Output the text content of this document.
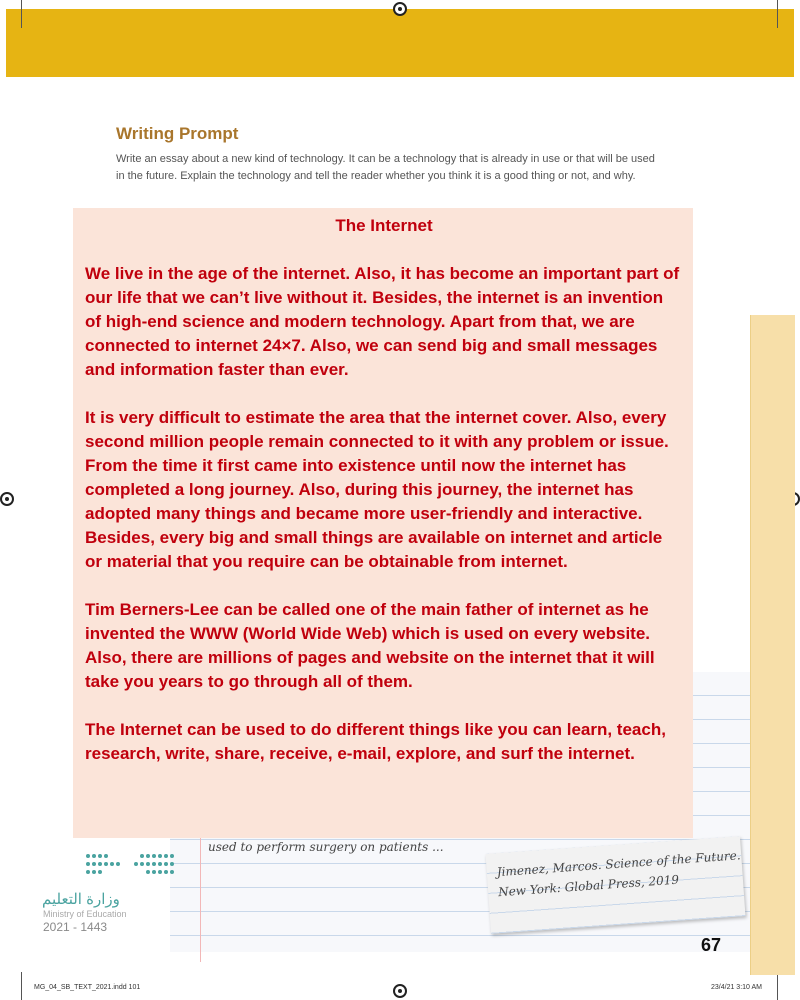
Writing Prompt

Write an essay about a new kind of technology. It can be a technology that is already in use or that will be used in the future. Explain the technology and tell the reader whether you think it is a good thing or not, and why.

used to perform surgery on patients ...

Jimenez, Marcos. Science of the Future.

New York: Global Press, 2019

The Internet

We live in the age of the internet. Also, it has become an important part of our life that we can’t live without it. Besides, the internet is an invention of high-end science and modern technology. Apart from that, we are connected to internet 24×7. Also, we can send big and small messages and information faster than ever.

It is very difficult to estimate the area that the internet cover. Also, every second million people remain connected to it with any problem or issue. From the time it first came into existence until now the internet has completed a long journey. Also, during this journey, the internet has adopted many things and became more user-friendly and interactive. Besides, every big and small things are available on internet and article or material that you require can be obtainable from internet.

Tim Berners-Lee can be called one of the main father of internet as he invented the WWW (World Wide Web) which is used on every website. Also, there are millions of pages and website on the internet that it will take you years to go through all of them.

The Internet can be used to do different things like you can learn, teach, research, write, share, receive, e-mail, explore, and surf the internet.

وزارة التعليم

Ministry of Education

2021 - 1443

67

MG_04_SB_TEXT_2021.indd 101	23/4/21 3:10 AM
